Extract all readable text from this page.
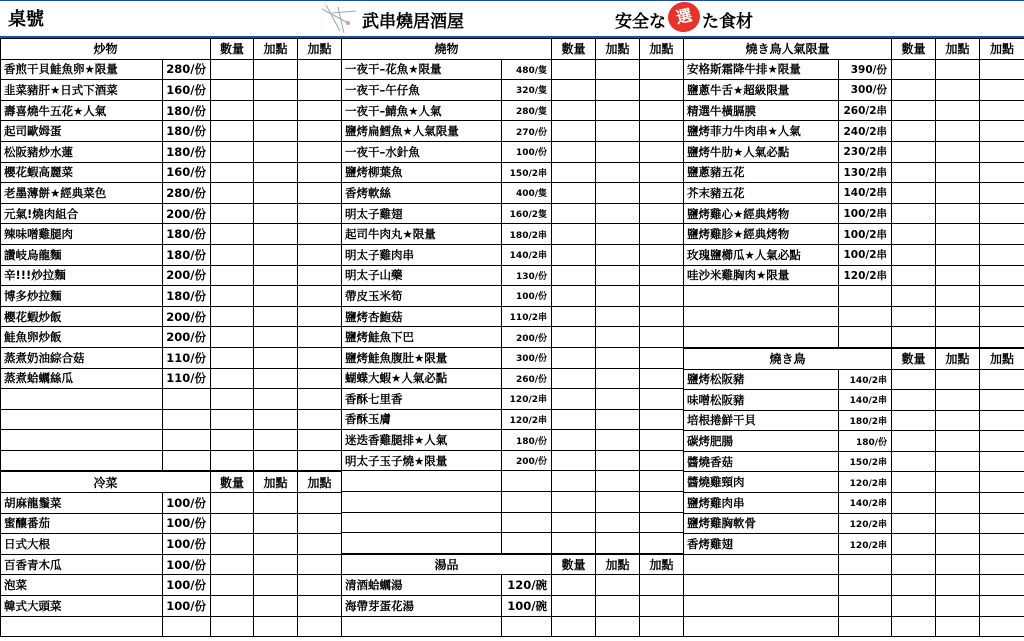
桌號	武串燒居酒屋	安全な 選 た食材
炒物		數量	加點	加點
香煎干貝鮭魚卵★限量	280/份			
韭菜豬肝★日式下酒菜	160/份			
壽喜燒牛五花★人氣	180/份			
起司歐姆蛋	180/份			
松阪豬炒水蓮	180/份			
櫻花蝦高麗菜	160/份			
老墨薄餅★經典菜色	280/份			
元氣!燒肉組合	200/份			
辣味噌雞腿肉	180/份			
讚岐烏龍麵	180/份			
辛!!!炒拉麵	200/份			
博多炒拉麵	180/份			
櫻花蝦炒飯	200/份			
鮭魚卵炒飯	200/份			
蒸煮奶油綜合菇	110/份			
蒸煮蛤蠣絲瓜	110/份			

冷菜		數量	加點	加點
胡麻龍鬚菜	100/份			
蜜釀番茄	100/份			
日式大根	100/份			
百香青木瓜	100/份			
泡菜	100/份			
韓式大頭菜	100/份			

燒物		數量	加點	加點
一夜干–花魚★限量	480/隻			
一夜干–午仔魚	320/隻			
一夜干–鯖魚★人氣	280/隻			
鹽烤扁鱈魚★人氣限量	270/份			
一夜干–水針魚	100/份			
鹽烤柳葉魚	150/2串			
香烤軟絲	400/隻			
明太子雞翅	160/2隻			
起司牛肉丸★限量	180/2串			
明太子雞肉串	140/2串			
明太子山藥	130/份			
帶皮玉米筍	100/份			
鹽烤杏鮑菇	110/2串			
鹽烤鮭魚下巴	200/份			
鹽烤鮭魚腹肚★限量	300/份			
蝴蝶大蝦★人氣必點	260/份			
香酥七里香	120/2串			
香酥玉膚	120/2串			
迷迭香雞腿排★人氣	180/份			
明太子玉子燒★限量	200/份			

湯品		數量	加點	加點
清酒蛤蠣湯	120/碗			
海帶芽蛋花湯	100/碗			

燒き鳥人氣限量		數量	加點	加點
安格斯霜降牛排★限量	390/份			
鹽蔥牛舌★超級限量	300/份			
精選牛橫膈膜	260/2串			
鹽烤菲力牛肉串★人氣	240/2串			
鹽烤牛肋★人氣必點	230/2串			
鹽蔥豬五花	130/2串			
芥末豬五花	140/2串			
鹽烤雞心★經典烤物	100/2串			
鹽烤雞胗★經典烤物	100/2串			
玫瑰鹽櫛瓜★人氣必點	100/2串			
哇沙米雞胸肉★限量	120/2串			

燒き鳥		數量	加點	加點
鹽烤松阪豬	140/2串			
味噌松阪豬	140/2串			
培根捲鮮干貝	180/2串			
碳烤肥腸	180/份			
醬燒香菇	150/2串			
醬燒雞頸肉	120/2串			
鹽烤雞肉串	140/2串			
鹽烤雞胸軟骨	120/2串			
香烤雞翅	120/2串			
